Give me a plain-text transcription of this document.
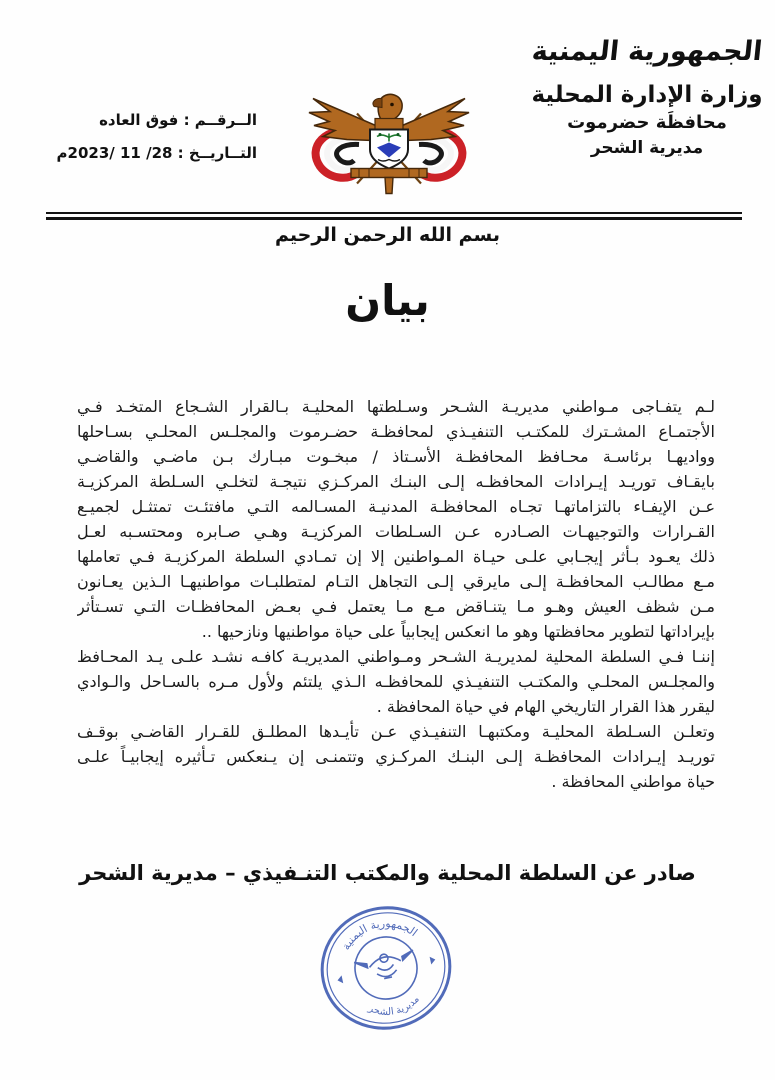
الجمهورية اليمنية
وزارة الإدارة المحلية
محافظَة حضرموت
مديرية الشحر
الــرقــم : فوق العاده
التــاريــخ : 28/ 11 /2023م
بسم الله الرحمن الرحيم
بيان
لـم يتفـاجى مـواطني مديريـة الشـحر وسـلطتها المحليـة بـالقرار الشـجاع المتخـد فـي
الأجتمـاع المشـترك للمكتـب التنفيـذي لمحافظـة حضـرموت والمجلـس المحلـي بسـاحلها
وواديهـا برئاسـة محـافظ المحافظـة الأسـتاذ / مبخـوت مبـارك بـن ماضـي والقاضـي
بايقـاف توريـد إيـرادات المحافظـه إلـى البنـك المركـزي نتيجـة لتخلـي السـلطة المركزيـة
عـن الإيفـاء بالتزاماتهـا تجـاه المحافظـة المدنيـة المسـالمه التـي مافتئـت تمتثـل لجميـع
القـرارات والتوجيهـات الصـادره عـن السـلطات المركزيـة وهـي صـابره ومحتسـبه لعـل
ذلك يعـود بـأثر إيجـابي علـى حيـاة المـواطنين إلا إن تمـادي السلطة المركزيـة فـي تعاملها
مـع مطالـب المحافظـة إلـى مايرقي إلـى التجاهل التـام لمتطلبـات مواطنيهـا الـذين يعـانون
مـن شظف العيش وهـو مـا يتنـاقض مـع مـا يعتمل فـي بعـض المحافظـات التـي تسـتأثر
بإيراداتها لتطوير محافظتها وهو ما انعكس إيجابياً على حياة مواطنيها ونازحيها ..
إننـا فـي السلطة المحلية لمديريـة الشـحر ومـواطني المديريـة كافـه نشـد علـى يـد المحـافظ
والمجلـس المحلـي والمكتـب التنفيـذي للمحافظـه الـذي يلتئم ولأول مـره بالسـاحل والـوادي
ليقرر هذا القرار التاريخي الهام في حياة المحافظة .
وتعلـن السـلطة المحليـة ومكتبهـا التنفيـذي عـن تأيـدها المطلـق للقـرار القاضـي بوقـف
توريـد إيـرادات المحافظـة إلـى البنـك المركـزي وتتمنـى إن يـنعكس تـأثيره إيجابيـاً علـى
حياة مواطني المحافظة .
صادر عن السلطة المحلية والمكتب التنـفيذي – مديرية الشحر
الجمهورية اليمنية
مديرية الشحر
